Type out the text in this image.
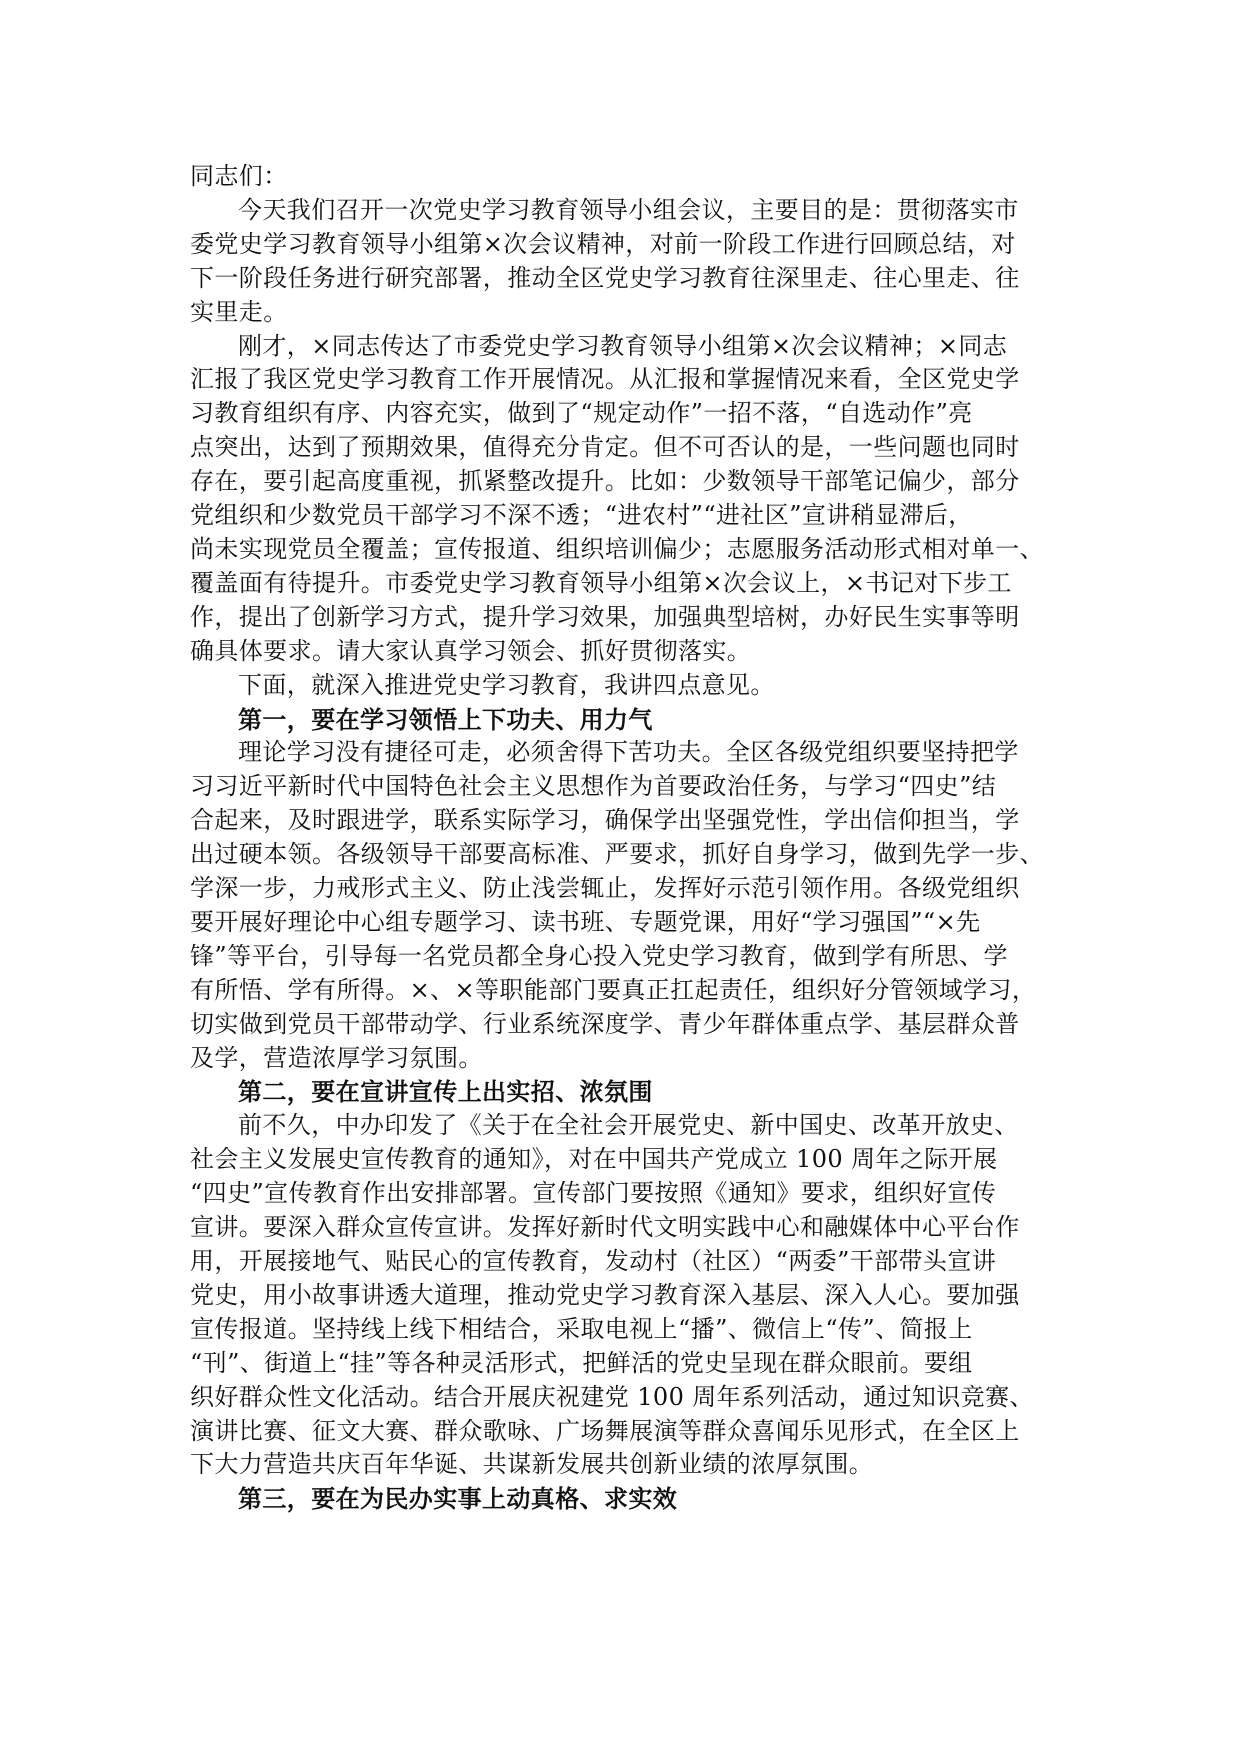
同志们：
今天我们召开一次党史学习教育领导小组会议，主要目的是：贯彻落实市
委党史学习教育领导小组第×次会议精神，对前一阶段工作进行回顾总结，对
下一阶段任务进行研究部署，推动全区党史学习教育往深里走、往心里走、往
实里走。
刚才，×同志传达了市委党史学习教育领导小组第×次会议精神；×同志
汇报了我区党史学习教育工作开展情况。从汇报和掌握情况来看，全区党史学
习教育组织有序、内容充实，做到了“规定动作”一招不落，“自选动作”亮
点突出，达到了预期效果，值得充分肯定。但不可否认的是，一些问题也同时
存在，要引起高度重视，抓紧整改提升。比如：少数领导干部笔记偏少，部分
党组织和少数党员干部学习不深不透；“进农村”“进社区”宣讲稍显滞后，
尚未实现党员全覆盖；宣传报道、组织培训偏少；志愿服务活动形式相对单一、
覆盖面有待提升。市委党史学习教育领导小组第×次会议上，×书记对下步工
作，提出了创新学习方式，提升学习效果，加强典型培树，办好民生实事等明
确具体要求。请大家认真学习领会、抓好贯彻落实。
下面，就深入推进党史学习教育，我讲四点意见。
第一，要在学习领悟上下功夫、用力气
理论学习没有捷径可走，必须舍得下苦功夫。全区各级党组织要坚持把学
习习近平新时代中国特色社会主义思想作为首要政治任务，与学习“四史”结
合起来，及时跟进学，联系实际学习，确保学出坚强党性，学出信仰担当，学
出过硬本领。各级领导干部要高标准、严要求，抓好自身学习，做到先学一步、
学深一步，力戒形式主义、防止浅尝辄止，发挥好示范引领作用。各级党组织
要开展好理论中心组专题学习、读书班、专题党课，用好“学习强国”“×先
锋”等平台，引导每一名党员都全身心投入党史学习教育，做到学有所思、学
有所悟、学有所得。×、×等职能部门要真正扛起责任，组织好分管领域学习，
切实做到党员干部带动学、行业系统深度学、青少年群体重点学、基层群众普
及学，营造浓厚学习氛围。
第二，要在宣讲宣传上出实招、浓氛围
前不久，中办印发了《关于在全社会开展党史、新中国史、改革开放史、
社会主义发展史宣传教育的通知》，对在中国共产党成立 100 周年之际开展
“四史”宣传教育作出安排部署。宣传部门要按照《通知》要求，组织好宣传
宣讲。要深入群众宣传宣讲。发挥好新时代文明实践中心和融媒体中心平台作
用，开展接地气、贴民心的宣传教育，发动村（社区）“两委”干部带头宣讲
党史，用小故事讲透大道理，推动党史学习教育深入基层、深入人心。要加强
宣传报道。坚持线上线下相结合，采取电视上“播”、微信上“传”、简报上
“刊”、街道上“挂”等各种灵活形式，把鲜活的党史呈现在群众眼前。要组
织好群众性文化活动。结合开展庆祝建党 100 周年系列活动，通过知识竞赛、
演讲比赛、征文大赛、群众歌咏、广场舞展演等群众喜闻乐见形式，在全区上
下大力营造共庆百年华诞、共谋新发展共创新业绩的浓厚氛围。
第三，要在为民办实事上动真格、求实效
